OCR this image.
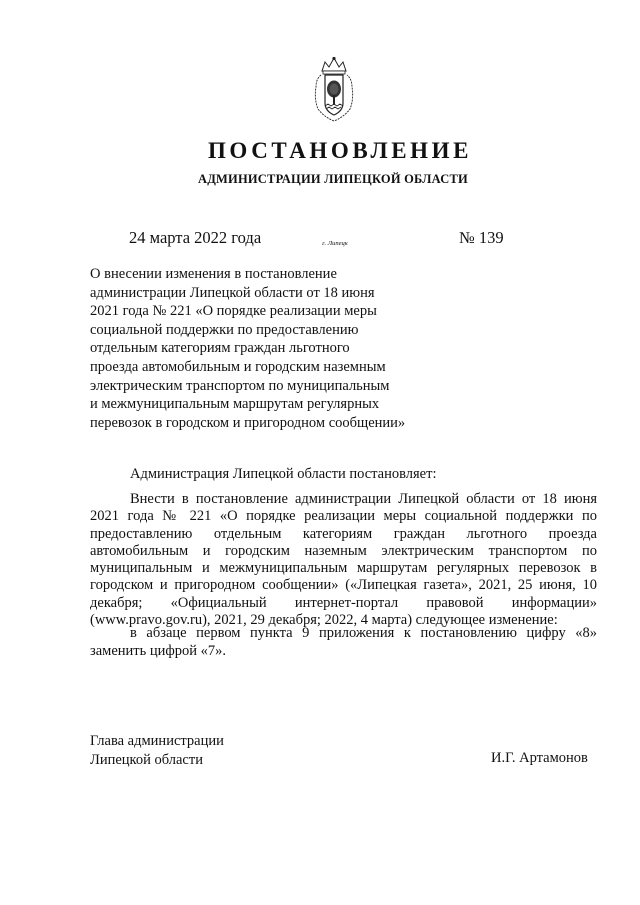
ПОСТАНОВЛЕНИЕ
АДМИНИСТРАЦИИ ЛИПЕЦКОЙ ОБЛАСТИ
24 марта 2022 года	г. Липецк	№ 139
О внесении изменения в постановление
администрации Липецкой области от 18 июня
2021 года № 221 «О порядке реализации меры
социальной поддержки по предоставлению
отдельным категориям граждан льготного
проезда автомобильным и городским наземным
электрическим транспортом по муниципальным
и межмуниципальным маршрутам регулярных
перевозок в городском и пригородном сообщении»
Администрация Липецкой области постановляет:
Внести в постановление администрации Липецкой области от 18 июня 2021 года № 221 «О порядке реализации меры социальной поддержки по предоставлению отдельным категориям граждан льготного проезда автомобильным и городским наземным электрическим транспортом по муниципальным и межмуниципальным маршрутам регулярных перевозок в городском и пригородном сообщении» («Липецкая газета», 2021, 25 июня, 10 декабря; «Официальный интернет-портал правовой информации» (www.pravo.gov.ru), 2021, 29 декабря; 2022, 4 марта) следующее изменение:
в абзаце первом пункта 9 приложения к постановлению цифру «8» заменить цифрой «7».
Глава администрации
Липецкой области	И.Г. Артамонов
